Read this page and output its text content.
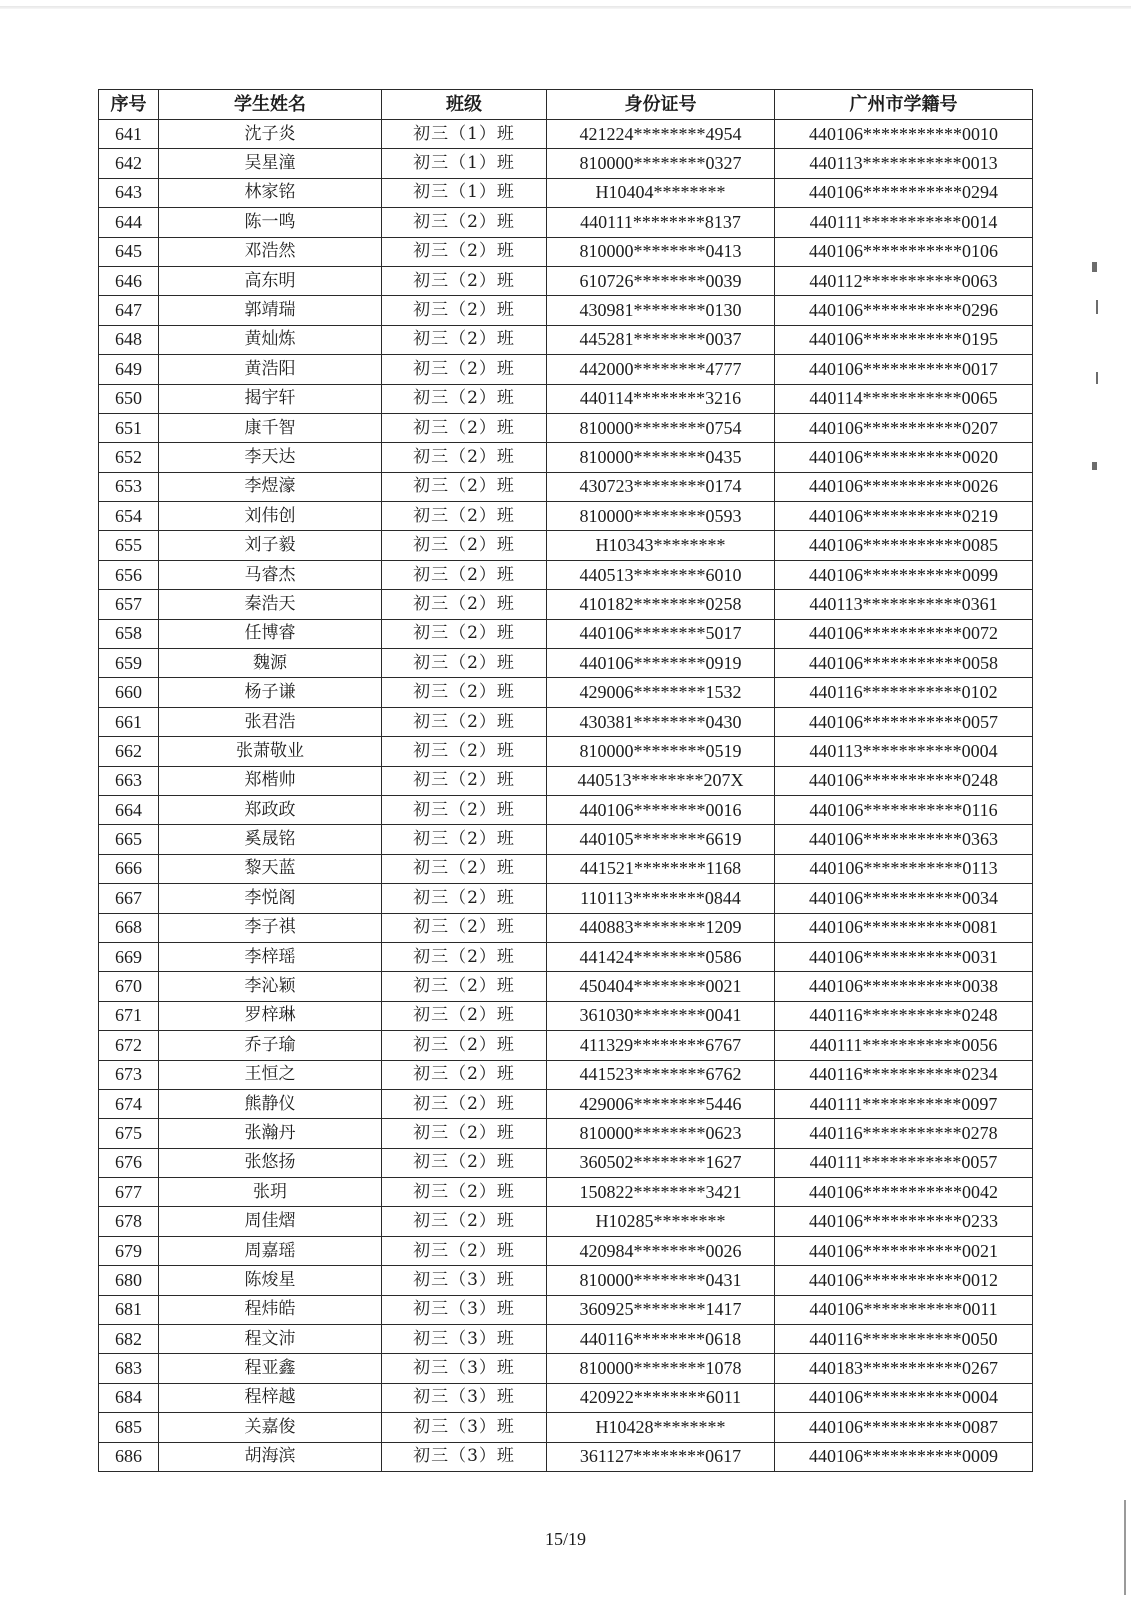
序号	学生姓名	班级	身份证号	广州市学籍号
641	沈子炎	初三（1）班	421224********4954	440106***********0010
642	吴星潼	初三（1）班	810000********0327	440113***********0013
643	林家铭	初三（1）班	H10404********	440106***********0294
644	陈一鸣	初三（2）班	440111********8137	440111***********0014
645	邓浩然	初三（2）班	810000********0413	440106***********0106
646	高东明	初三（2）班	610726********0039	440112***********0063
647	郭靖瑞	初三（2）班	430981********0130	440106***********0296
648	黄灿炼	初三（2）班	445281********0037	440106***********0195
649	黄浩阳	初三（2）班	442000********4777	440106***********0017
650	揭宇轩	初三（2）班	440114********3216	440114***********0065
651	康千智	初三（2）班	810000********0754	440106***********0207
652	李天达	初三（2）班	810000********0435	440106***********0020
653	李煜濠	初三（2）班	430723********0174	440106***********0026
654	刘伟创	初三（2）班	810000********0593	440106***********0219
655	刘子毅	初三（2）班	H10343********	440106***********0085
656	马睿杰	初三（2）班	440513********6010	440106***********0099
657	秦浩天	初三（2）班	410182********0258	440113***********0361
658	任博睿	初三（2）班	440106********5017	440106***********0072
659	魏源	初三（2）班	440106********0919	440106***********0058
660	杨子谦	初三（2）班	429006********1532	440116***********0102
661	张君浩	初三（2）班	430381********0430	440106***********0057
662	张萧敬业	初三（2）班	810000********0519	440113***********0004
663	郑楷帅	初三（2）班	440513********207X	440106***********0248
664	郑政政	初三（2）班	440106********0016	440106***********0116
665	奚晟铭	初三（2）班	440105********6619	440106***********0363
666	黎天蓝	初三（2）班	441521********1168	440106***********0113
667	李悦阁	初三（2）班	110113********0844	440106***********0034
668	李子祺	初三（2）班	440883********1209	440106***********0081
669	李梓瑶	初三（2）班	441424********0586	440106***********0031
670	李沁颖	初三（2）班	450404********0021	440106***********0038
671	罗梓琳	初三（2）班	361030********0041	440116***********0248
672	乔子瑜	初三（2）班	411329********6767	440111***********0056
673	王恒之	初三（2）班	441523********6762	440116***********0234
674	熊静仪	初三（2）班	429006********5446	440111***********0097
675	张瀚丹	初三（2）班	810000********0623	440116***********0278
676	张悠扬	初三（2）班	360502********1627	440111***********0057
677	张玥	初三（2）班	150822********3421	440106***********0042
678	周佳熠	初三（2）班	H10285********	440106***********0233
679	周嘉瑶	初三（2）班	420984********0026	440106***********0021
680	陈焌星	初三（3）班	810000********0431	440106***********0012
681	程炜皓	初三（3）班	360925********1417	440106***********0011
682	程文沛	初三（3）班	440116********0618	440116***********0050
683	程亚鑫	初三（3）班	810000********1078	440183***********0267
684	程梓越	初三（3）班	420922********6011	440106***********0004
685	关嘉俊	初三（3）班	H10428********	440106***********0087
686	胡海滨	初三（3）班	361127********0617	440106***********0009
15/19
